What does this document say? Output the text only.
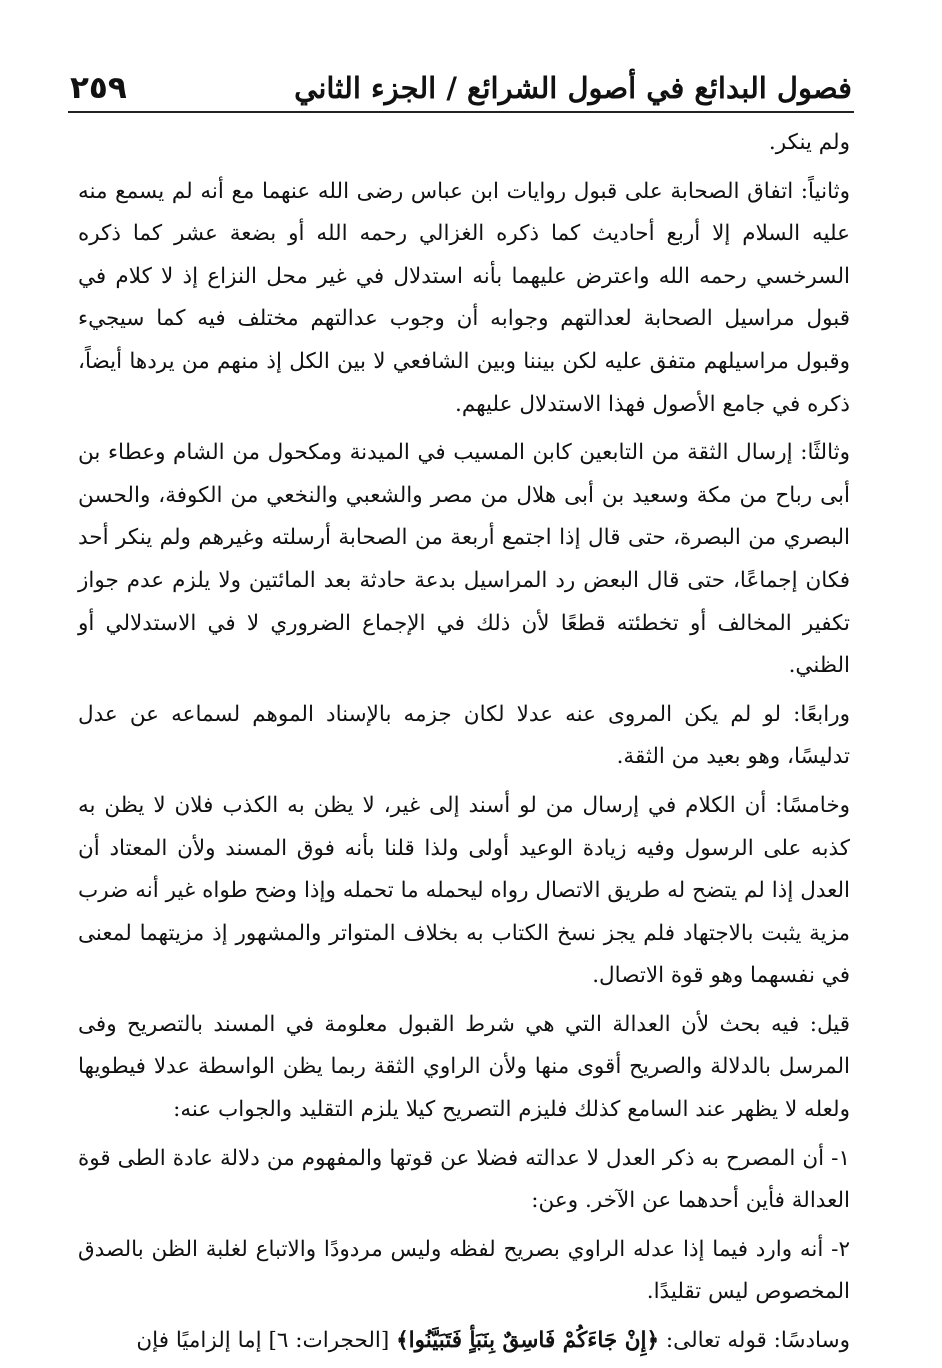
فصول البدائع في أصول الشرائع / الجزء الثاني
٢٥٩

ولم ينكر.

وثانياً: اتفاق الصحابة على قبول روايات ابن عباس رضى الله عنهما مع أنه لم يسمع منه عليه السلام إلا أربع أحاديث كما ذكره الغزالي رحمه الله أو بضعة عشر كما ذكره السرخسي رحمه الله واعترض عليهما بأنه استدلال في غير محل النزاع إذ لا كلام في قبول مراسيل الصحابة لعدالتهم وجوابه أن وجوب عدالتهم مختلف فيه كما سيجيء وقبول مراسيلهم متفق عليه لكن بيننا وبين الشافعي لا بين الكل إذ منهم من يردها أيضاً، ذكره في جامع الأصول فهذا الاستدلال عليهم.

وثالثًا: إرسال الثقة من التابعين كابن المسيب في الميدنة ومكحول من الشام وعطاء بن أبى رباح من مكة وسعيد بن أبى هلال من مصر والشعبي والنخعي من الكوفة، والحسن البصري من البصرة، حتى قال إذا اجتمع أربعة من الصحابة أرسلته وغيرهم ولم ينكر أحد فكان إجماعًا، حتى قال البعض رد المراسيل بدعة حادثة بعد المائتين ولا يلزم عدم جواز تكفير المخالف أو تخطئته قطعًا لأن ذلك في الإجماع الضروري لا في الاستدلالي أو الظني.

ورابعًا: لو لم يكن المروى عنه عدلا لكان جزمه بالإسناد الموهم لسماعه عن عدل تدليسًا، وهو بعيد من الثقة.

وخامسًا: أن الكلام في إرسال من لو أسند إلى غير، لا يظن به الكذب فلان لا يظن به كذبه على الرسول وفيه زيادة الوعيد أولى ولذا قلنا بأنه فوق المسند ولأن المعتاد أن العدل إذا لم يتضح له طريق الاتصال رواه ليحمله ما تحمله وإذا وضح طواه غير أنه ضرب مزية يثبت بالاجتهاد فلم يجز نسخ الكتاب به بخلاف المتواتر والمشهور إذ مزيتهما لمعنى في نفسهما وهو قوة الاتصال.

قيل: فيه بحث لأن العدالة التي هي شرط القبول معلومة في المسند بالتصريح وفى المرسل بالدلالة والصريح أقوى منها ولأن الراوي الثقة ربما يظن الواسطة عدلا فيطويها ولعله لا يظهر عند السامع كذلك فليزم التصريح كيلا يلزم التقليد والجواب عنه:

١- أن المصرح به ذكر العدل لا عدالته فضلا عن قوتها والمفهوم من دلالة عادة الطى قوة العدالة فأين أحدهما عن الآخر. وعن:

٢- أنه وارد فيما إذا عدله الراوي بصريح لفظه وليس مردودًا والاتباع لغلبة الظن بالصدق المخصوص ليس تقليدًا.

وسادسًا: قوله تعالى: ﴿إِنْ جَاءَكُمْ فَاسِقٌ بِنَبَأٍ فَتَبَيَّنُوا﴾ [الحجرات: ٦] إما إلزاميًا فإن
